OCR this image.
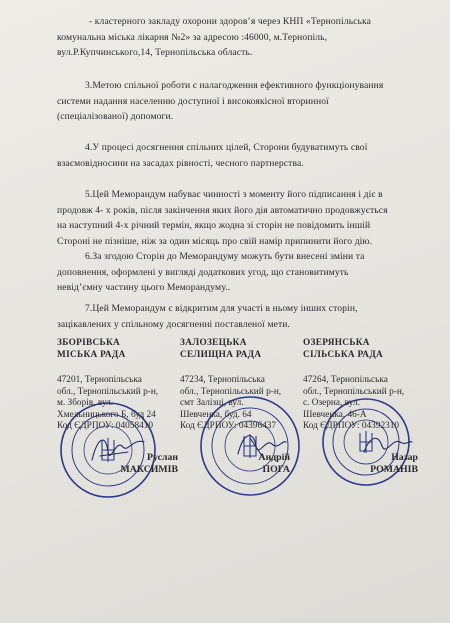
- кластерного закладу охорони здоров’я через КНП «Тернопільська
комунальна міська лікарня №2» за адресою :46000, м.Тернопіль,
вул.Р.Купчинського,14, Тернопільська область.
3.Метою спільної роботи є налагодження ефективного функціонування
системи надання населенню доступної і високоякісної вторинної
(спеціалізованої) допомоги.
4.У процесі досягнення спільних цілей, Сторони будуватимуть свої
взаємовідносини на засадах рівності, чесного партнерства.
5.Цей Меморандум набуває чинності з моменту його підписання і діє в
продовж 4- х років, після закінчення яких його дія автоматично продовжується
на наступний 4-х річний термін, якщо жодна зі сторін не повідомить іншій
Стороні не пізніше, ніж за один місяць про свій намір припинити його дію.
6.За згодою Сторін до Меморандуму можуть бути внесені зміни та
доповнення, оформлені у вигляді додаткових угод, що становитимуть
невід’ємну частину цього Меморандуму..
7.Цей Меморандум є відкритим для участі в ньому інших сторін,
зацікавлених у спільному досягненні поставленої мети.
ЗБОРІВСЬКА
МІСЬКА РАДА
47201, Тернопільська
обл., Тернопільський р-н,
м. Зборів, вул.
Хмельницького Б, буд 24
Код ЄДРПОУ: 04058410
ЗАЛОЗЕЦЬКА
СЕЛИЩНА РАДА
47234, Тернопільська
обл., Тернопільський р-н,
смт Залізці, вул.
Шевченка, буд. 64
Код ЄДРПОУ: 04396437
ОЗЕРЯНСЬКА
СІЛЬСЬКА РАДА
47264, Тернопільська
обл., Тернопільський р-н,
с. Озерна, вул.
Шевченка, 46-А
Код ЄДРПОУ: 04392310
Руслан
МАКСИМІВ
Андрій
ПОГА
Назар
РОМАНІВ
